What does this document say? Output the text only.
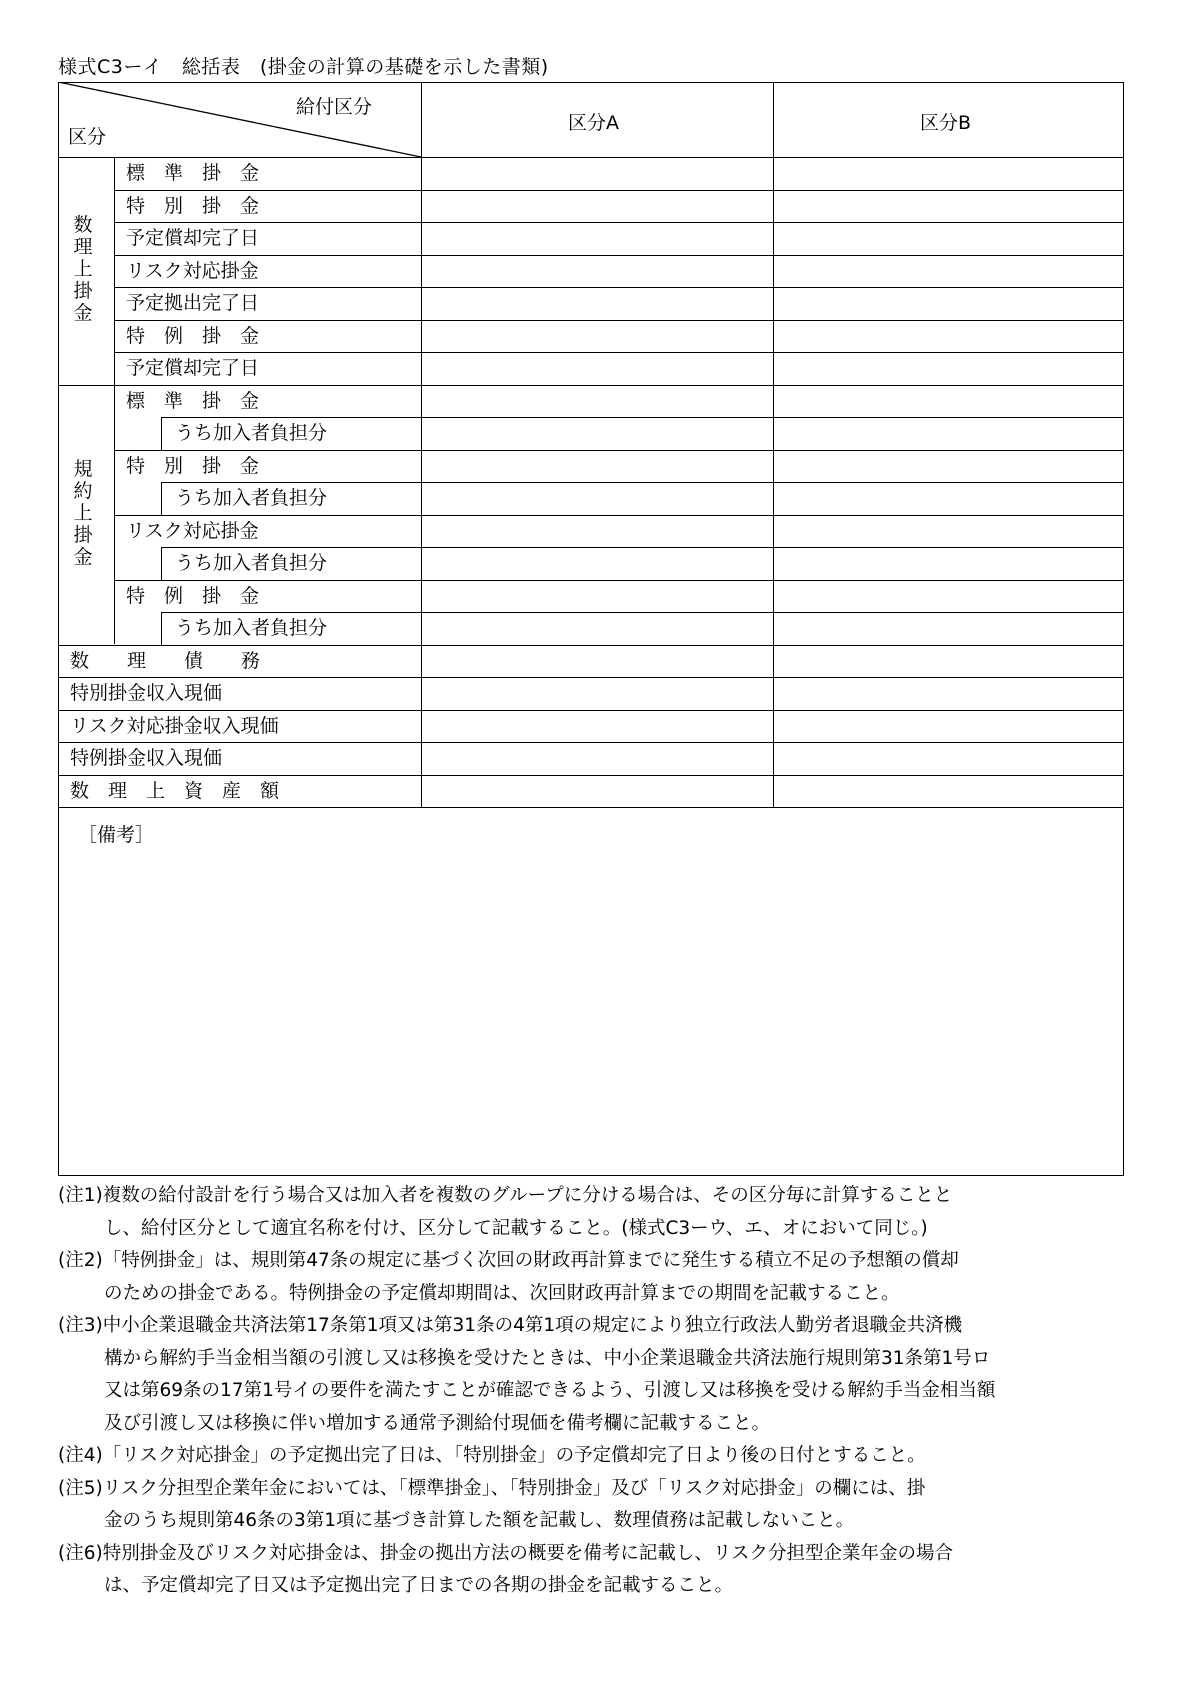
様式C3ーイ　総括表　(掛金の計算の基礎を示した書類)
給付区分
区分
区分A	区分B
数理上掛金
規約上掛金
標　準　掛　金
特　別　掛　金
予定償却完了日
リスク対応掛金
予定拠出完了日
特　例　掛　金
予定償却完了日
標　準　掛　金
うち加入者負担分
特　別　掛　金
うち加入者負担分
リスク対応掛金
うち加入者負担分
特　例　掛　金
うち加入者負担分
数　　理　　債　　務
特別掛金収入現価
リスク対応掛金収入現価
特例掛金収入現価
数　理　上　資　産　額
［備考］
(注1) 複数の給付設計を行う場合又は加入者を複数のグループに分ける場合は、その区分毎に計算することと
し、給付区分として適宜名称を付け、区分して記載すること。(様式C3ーウ、エ、オにおいて同じ。)
(注2) 「特例掛金」は、規則第47条の規定に基づく次回の財政再計算までに発生する積立不足の予想額の償却
のための掛金である。特例掛金の予定償却期間は、次回財政再計算までの期間を記載すること。
(注3) 中小企業退職金共済法第17条第1項又は第31条の4第1項の規定により独立行政法人勤労者退職金共済機
構から解約手当金相当額の引渡し又は移換を受けたときは、中小企業退職金共済法施行規則第31条第1号ロ
又は第69条の17第1号イの要件を満たすことが確認できるよう、引渡し又は移換を受ける解約手当金相当額
及び引渡し又は移換に伴い増加する通常予測給付現価を備考欄に記載すること。
(注4) 「リスク対応掛金」の予定拠出完了日は、「特別掛金」の予定償却完了日より後の日付とすること。
(注5) リスク分担型企業年金においては、「標準掛金」、「特別掛金」及び「リスク対応掛金」の欄には、掛
金のうち規則第46条の3第1項に基づき計算した額を記載し、数理債務は記載しないこと。
(注6) 特別掛金及びリスク対応掛金は、掛金の拠出方法の概要を備考に記載し、リスク分担型企業年金の場合
は、予定償却完了日又は予定拠出完了日までの各期の掛金を記載すること。
